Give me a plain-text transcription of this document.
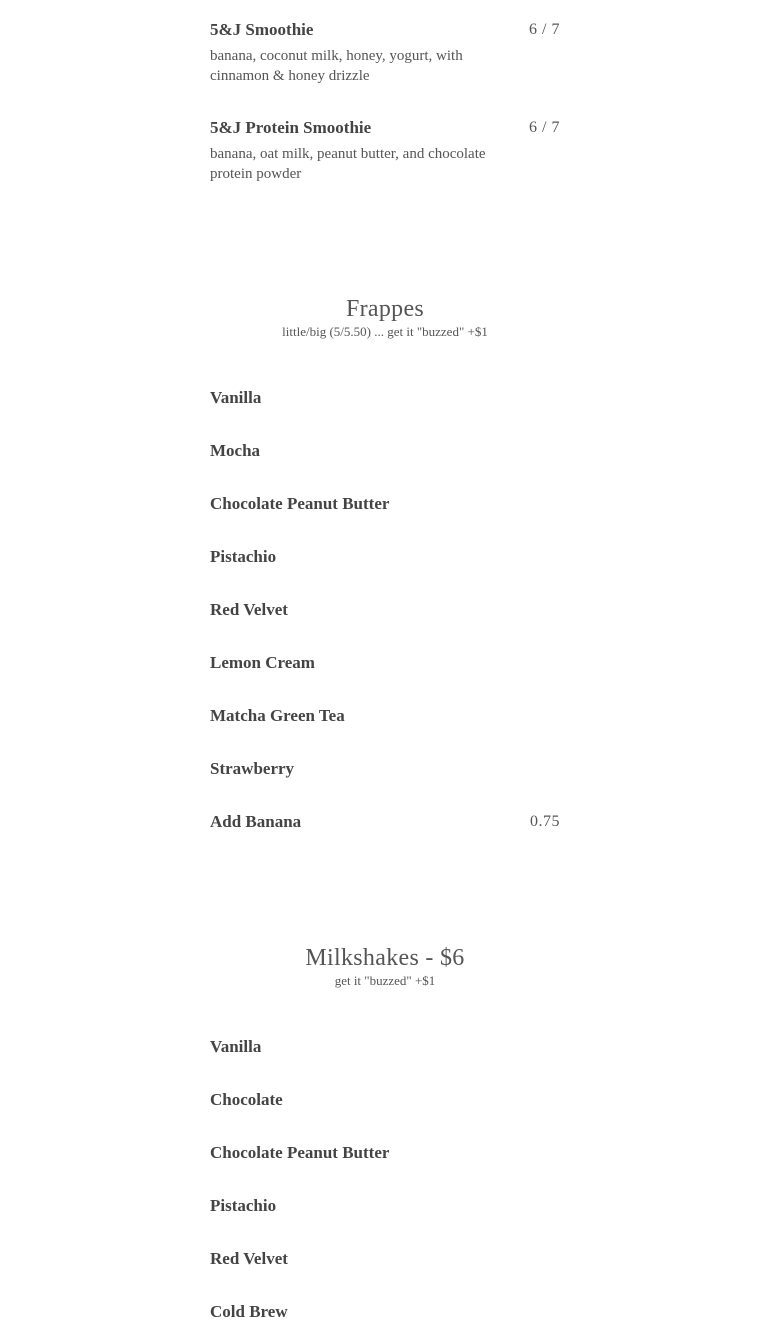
5&J Smoothie	6 / 7
banana, coconut milk, honey, yogurt, with cinnamon & honey drizzle
5&J Protein Smoothie	6 / 7
banana, oat milk, peanut butter, and chocolate protein powder
Frappes
little/big (5/5.50) ... get it "buzzed" +$1
Vanilla
Mocha
Chocolate Peanut Butter
Pistachio
Red Velvet
Lemon Cream
Matcha Green Tea
Strawberry
Add Banana	0.75
Milkshakes - $6
get it "buzzed" +$1
Vanilla
Chocolate
Chocolate Peanut Butter
Pistachio
Red Velvet
Cold Brew
